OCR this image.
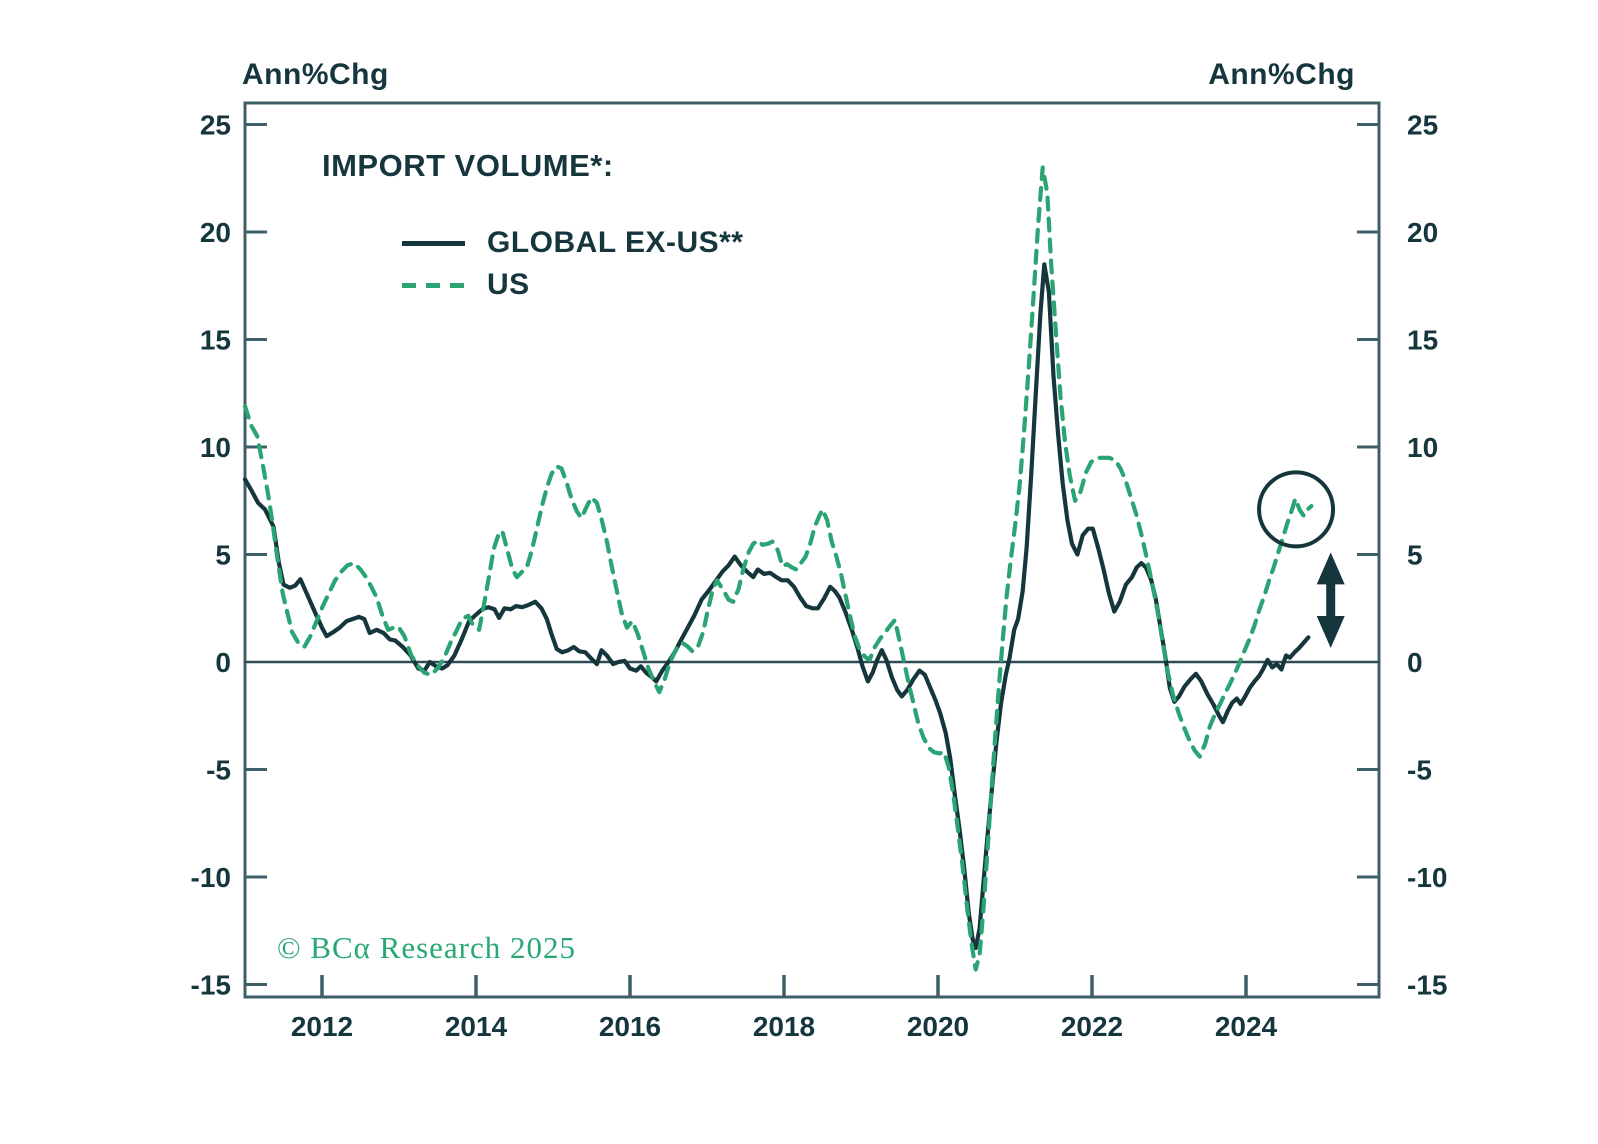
Ann%Chg	Ann%Chg
25	25
20	20
15	15
10	10
5	5
0	0
-5	-5
-10	-10
-15	-15
2012	2014	2016	2018	2020	2022	2024
IMPORT VOLUME*:
GLOBAL EX-US**
US
© BCα Research 2025
